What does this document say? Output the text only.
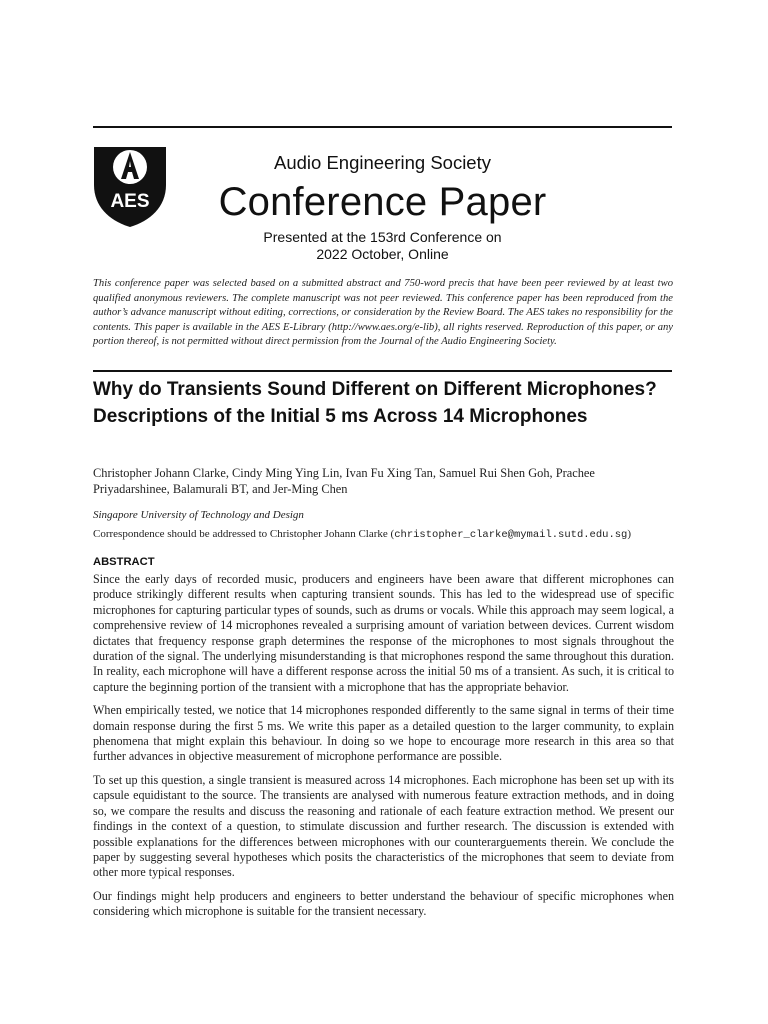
AES
Audio Engineering Society
Conference Paper
Presented at the 153rd Conference on
2022 October, Online
This conference paper was selected based on a submitted abstract and 750-word precis that have been peer reviewed by at least two qualified anonymous reviewers. The complete manuscript was not peer reviewed. This conference paper has been reproduced from the author’s advance manuscript without editing, corrections, or consideration by the Review Board. The AES takes no responsibility for the contents. This paper is available in the AES E-Library (http://www.aes.org/e-lib), all rights reserved. Reproduction of this paper, or any portion thereof, is not permitted without direct permission from the Journal of the Audio Engineering Society.
Why do Transients Sound Different on Different Microphones? Descriptions of the Initial 5 ms Across 14 Microphones
Christopher Johann Clarke, Cindy Ming Ying Lin, Ivan Fu Xing Tan, Samuel Rui Shen Goh, Prachee Priyadarshinee, Balamurali BT, and Jer-Ming Chen
Singapore University of Technology and Design
Correspondence should be addressed to Christopher Johann Clarke (christopher_clarke@mymail.sutd.edu.sg)
ABSTRACT

Since the early days of recorded music, producers and engineers have been aware that different microphones can produce strikingly different results when capturing transient sounds. This has led to the widespread use of specific microphones for capturing particular types of sounds, such as drums or vocals. While this approach may seem logical, a comprehensive review of 14 microphones revealed a surprising amount of variation between devices. Current wisdom dictates that frequency response graph determines the response of the microphones to most signals throughout the duration of the signal. The underlying misunderstanding is that microphones respond the same throughout this duration. In reality, each microphone will have a different response across the initial 50 ms of a transient. As such, it is critical to capture the beginning portion of the transient with a microphone that has the appropriate behavior.

When empirically tested, we notice that 14 microphones responded differently to the same signal in terms of their time domain response during the first 5 ms. We write this paper as a detailed question to the larger community, to explain phenomena that might explain this behaviour. In doing so we hope to encourage more research in this area so that further advances in objective measurement of microphone performance are possible.

To set up this question, a single transient is measured across 14 microphones. Each microphone has been set up with its capsule equidistant to the source. The transients are analysed with numerous feature extraction methods, and in doing so, we compare the results and discuss the reasoning and rationale of each feature extraction method. We present our findings in the context of a question, to stimulate discussion and further research. The discussion is extended with possible explanations for the differences between microphones with our counterarguements therein. We conclude the paper by suggesting several hypotheses which posits the characteristics of the microphones that seem to deviate from other more typical responses.

Our findings might help producers and engineers to better understand the behaviour of specific microphones when considering which microphone is suitable for the transient necessary.
